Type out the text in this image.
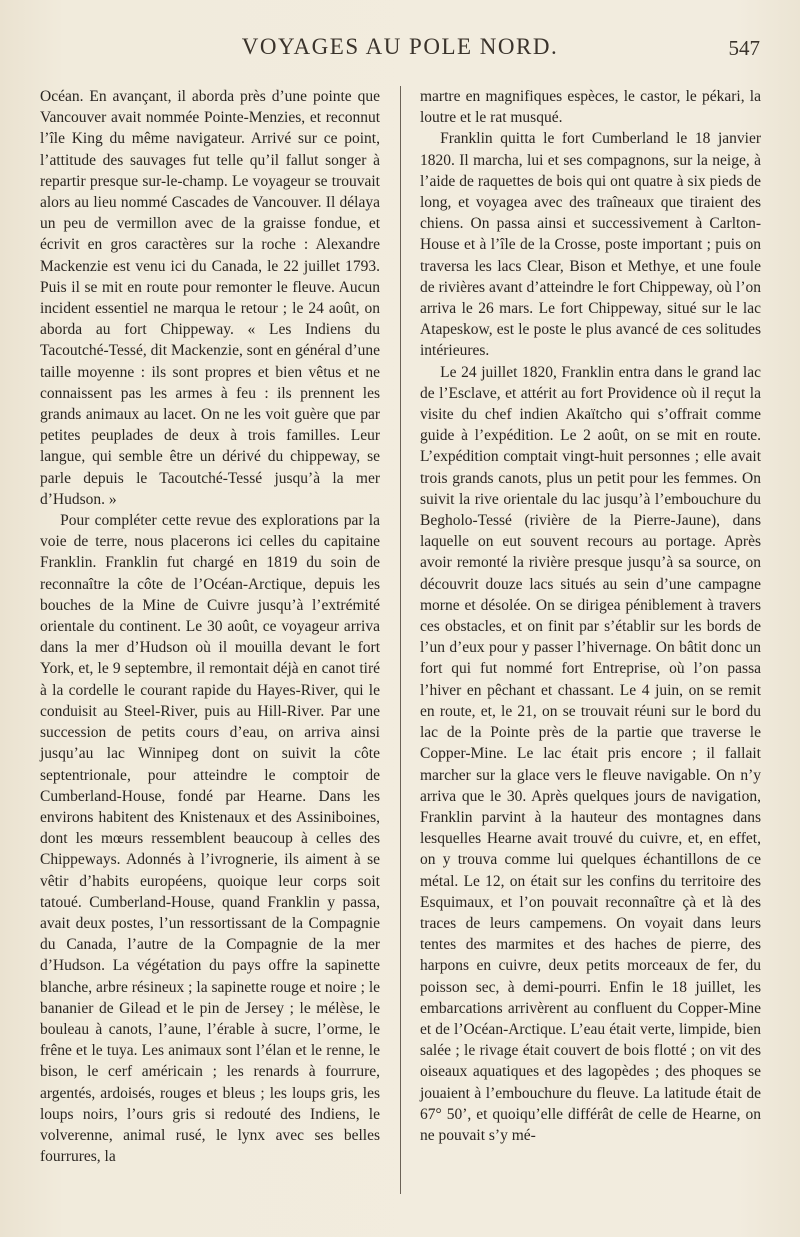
VOYAGES AU POLE NORD.	547

Océan. En avançant, il aborda près d’une pointe que Vancouver avait nommée Pointe-Menzies, et reconnut l’île King du même navigateur. Arrivé sur ce point, l’attitude des sauvages fut telle qu’il fallut songer à repartir presque sur-le-champ. Le voyageur se trouvait alors au lieu nommé Cascades de Vancouver. Il délaya un peu de vermillon avec de la graisse fondue, et écrivit en gros caractères sur la roche : Alexandre Mackenzie est venu ici du Canada, le 22 juillet 1793. Puis il se mit en route pour remonter le fleuve. Aucun incident essentiel ne marqua le retour ; le 24 août, on aborda au fort Chippeway. « Les Indiens du Tacoutché-Tessé, dit Mackenzie, sont en général d’une taille moyenne : ils sont propres et bien vêtus et ne connaissent pas les armes à feu : ils prennent les grands animaux au lacet. On ne les voit guère que par petites peuplades de deux à trois familles. Leur langue, qui semble être un dérivé du chippeway, se parle depuis le Tacoutché-Tessé jusqu’à la mer d’Hudson. »

Pour compléter cette revue des explorations par la voie de terre, nous placerons ici celles du capitaine Franklin. Franklin fut chargé en 1819 du soin de reconnaître la côte de l’Océan-Arctique, depuis les bouches de la Mine de Cuivre jusqu’à l’extrémité orientale du continent. Le 30 août, ce voyageur arriva dans la mer d’Hudson où il mouilla devant le fort York, et, le 9 septembre, il remontait déjà en canot tiré à la cordelle le courant rapide du Hayes-River, qui le conduisit au Steel-River, puis au Hill-River. Par une succession de petits cours d’eau, on arriva ainsi jusqu’au lac Winnipeg dont on suivit la côte septentrionale, pour atteindre le comptoir de Cumberland-House, fondé par Hearne. Dans les environs habitent des Knistenaux et des Assiniboines, dont les mœurs ressemblent beaucoup à celles des Chippeways. Adonnés à l’ivrognerie, ils aiment à se vêtir d’habits européens, quoique leur corps soit tatoué. Cumberland-House, quand Franklin y passa, avait deux postes, l’un ressortissant de la Compagnie du Canada, l’autre de la Compagnie de la mer d’Hudson. La végétation du pays offre la sapinette blanche, arbre résineux ; la sapinette rouge et noire ; le bananier de Gilead et le pin de Jersey ; le mélèse, le bouleau à canots, l’aune, l’érable à sucre, l’orme, le frêne et le tuya. Les animaux sont l’élan et le renne, le bison, le cerf américain ; les renards à fourrure, argentés, ardoisés, rouges et bleus ; les loups gris, les loups noirs, l’ours gris si redouté des Indiens, le volverenne, animal rusé, le lynx avec ses belles fourrures, la

martre en magnifiques espèces, le castor, le pékari, la loutre et le rat musqué.

Franklin quitta le fort Cumberland le 18 janvier 1820. Il marcha, lui et ses compagnons, sur la neige, à l’aide de raquettes de bois qui ont quatre à six pieds de long, et voyagea avec des traîneaux que tiraient des chiens. On passa ainsi et successivement à Carlton-House et à l’île de la Crosse, poste important ; puis on traversa les lacs Clear, Bison et Methye, et une foule de rivières avant d’atteindre le fort Chippeway, où l’on arriva le 26 mars. Le fort Chippeway, situé sur le lac Atapeskow, est le poste le plus avancé de ces solitudes intérieures.

Le 24 juillet 1820, Franklin entra dans le grand lac de l’Esclave, et attérit au fort Providence où il reçut la visite du chef indien Akaïtcho qui s’offrait comme guide à l’expédition. Le 2 août, on se mit en route. L’expédition comptait vingt-huit personnes ; elle avait trois grands canots, plus un petit pour les femmes. On suivit la rive orientale du lac jusqu’à l’embouchure du Begholo-Tessé (rivière de la Pierre-Jaune), dans laquelle on eut souvent recours au portage. Après avoir remonté la rivière presque jusqu’à sa source, on découvrit douze lacs situés au sein d’une campagne morne et désolée. On se dirigea péniblement à travers ces obstacles, et on finit par s’établir sur les bords de l’un d’eux pour y passer l’hivernage. On bâtit donc un fort qui fut nommé fort Entreprise, où l’on passa l’hiver en pêchant et chassant. Le 4 juin, on se remit en route, et, le 21, on se trouvait réuni sur le bord du lac de la Pointe près de la partie que traverse le Copper-Mine. Le lac était pris encore ; il fallait marcher sur la glace vers le fleuve navigable. On n’y arriva que le 30. Après quelques jours de navigation, Franklin parvint à la hauteur des montagnes dans lesquelles Hearne avait trouvé du cuivre, et, en effet, on y trouva comme lui quelques échantillons de ce métal. Le 12, on était sur les confins du territoire des Esquimaux, et l’on pouvait reconnaître çà et là des traces de leurs campemens. On voyait dans leurs tentes des marmites et des haches de pierre, des harpons en cuivre, deux petits morceaux de fer, du poisson sec, à demi-pourri. Enfin le 18 juillet, les embarcations arrivèrent au confluent du Copper-Mine et de l’Océan-Arctique. L’eau était verte, limpide, bien salée ; le rivage était couvert de bois flotté ; on vit des oiseaux aquatiques et des lagopèdes ; des phoques se jouaient à l’embouchure du fleuve. La latitude était de 67° 50’, et quoiqu’elle différât de celle de Hearne, on ne pouvait s’y mé-
